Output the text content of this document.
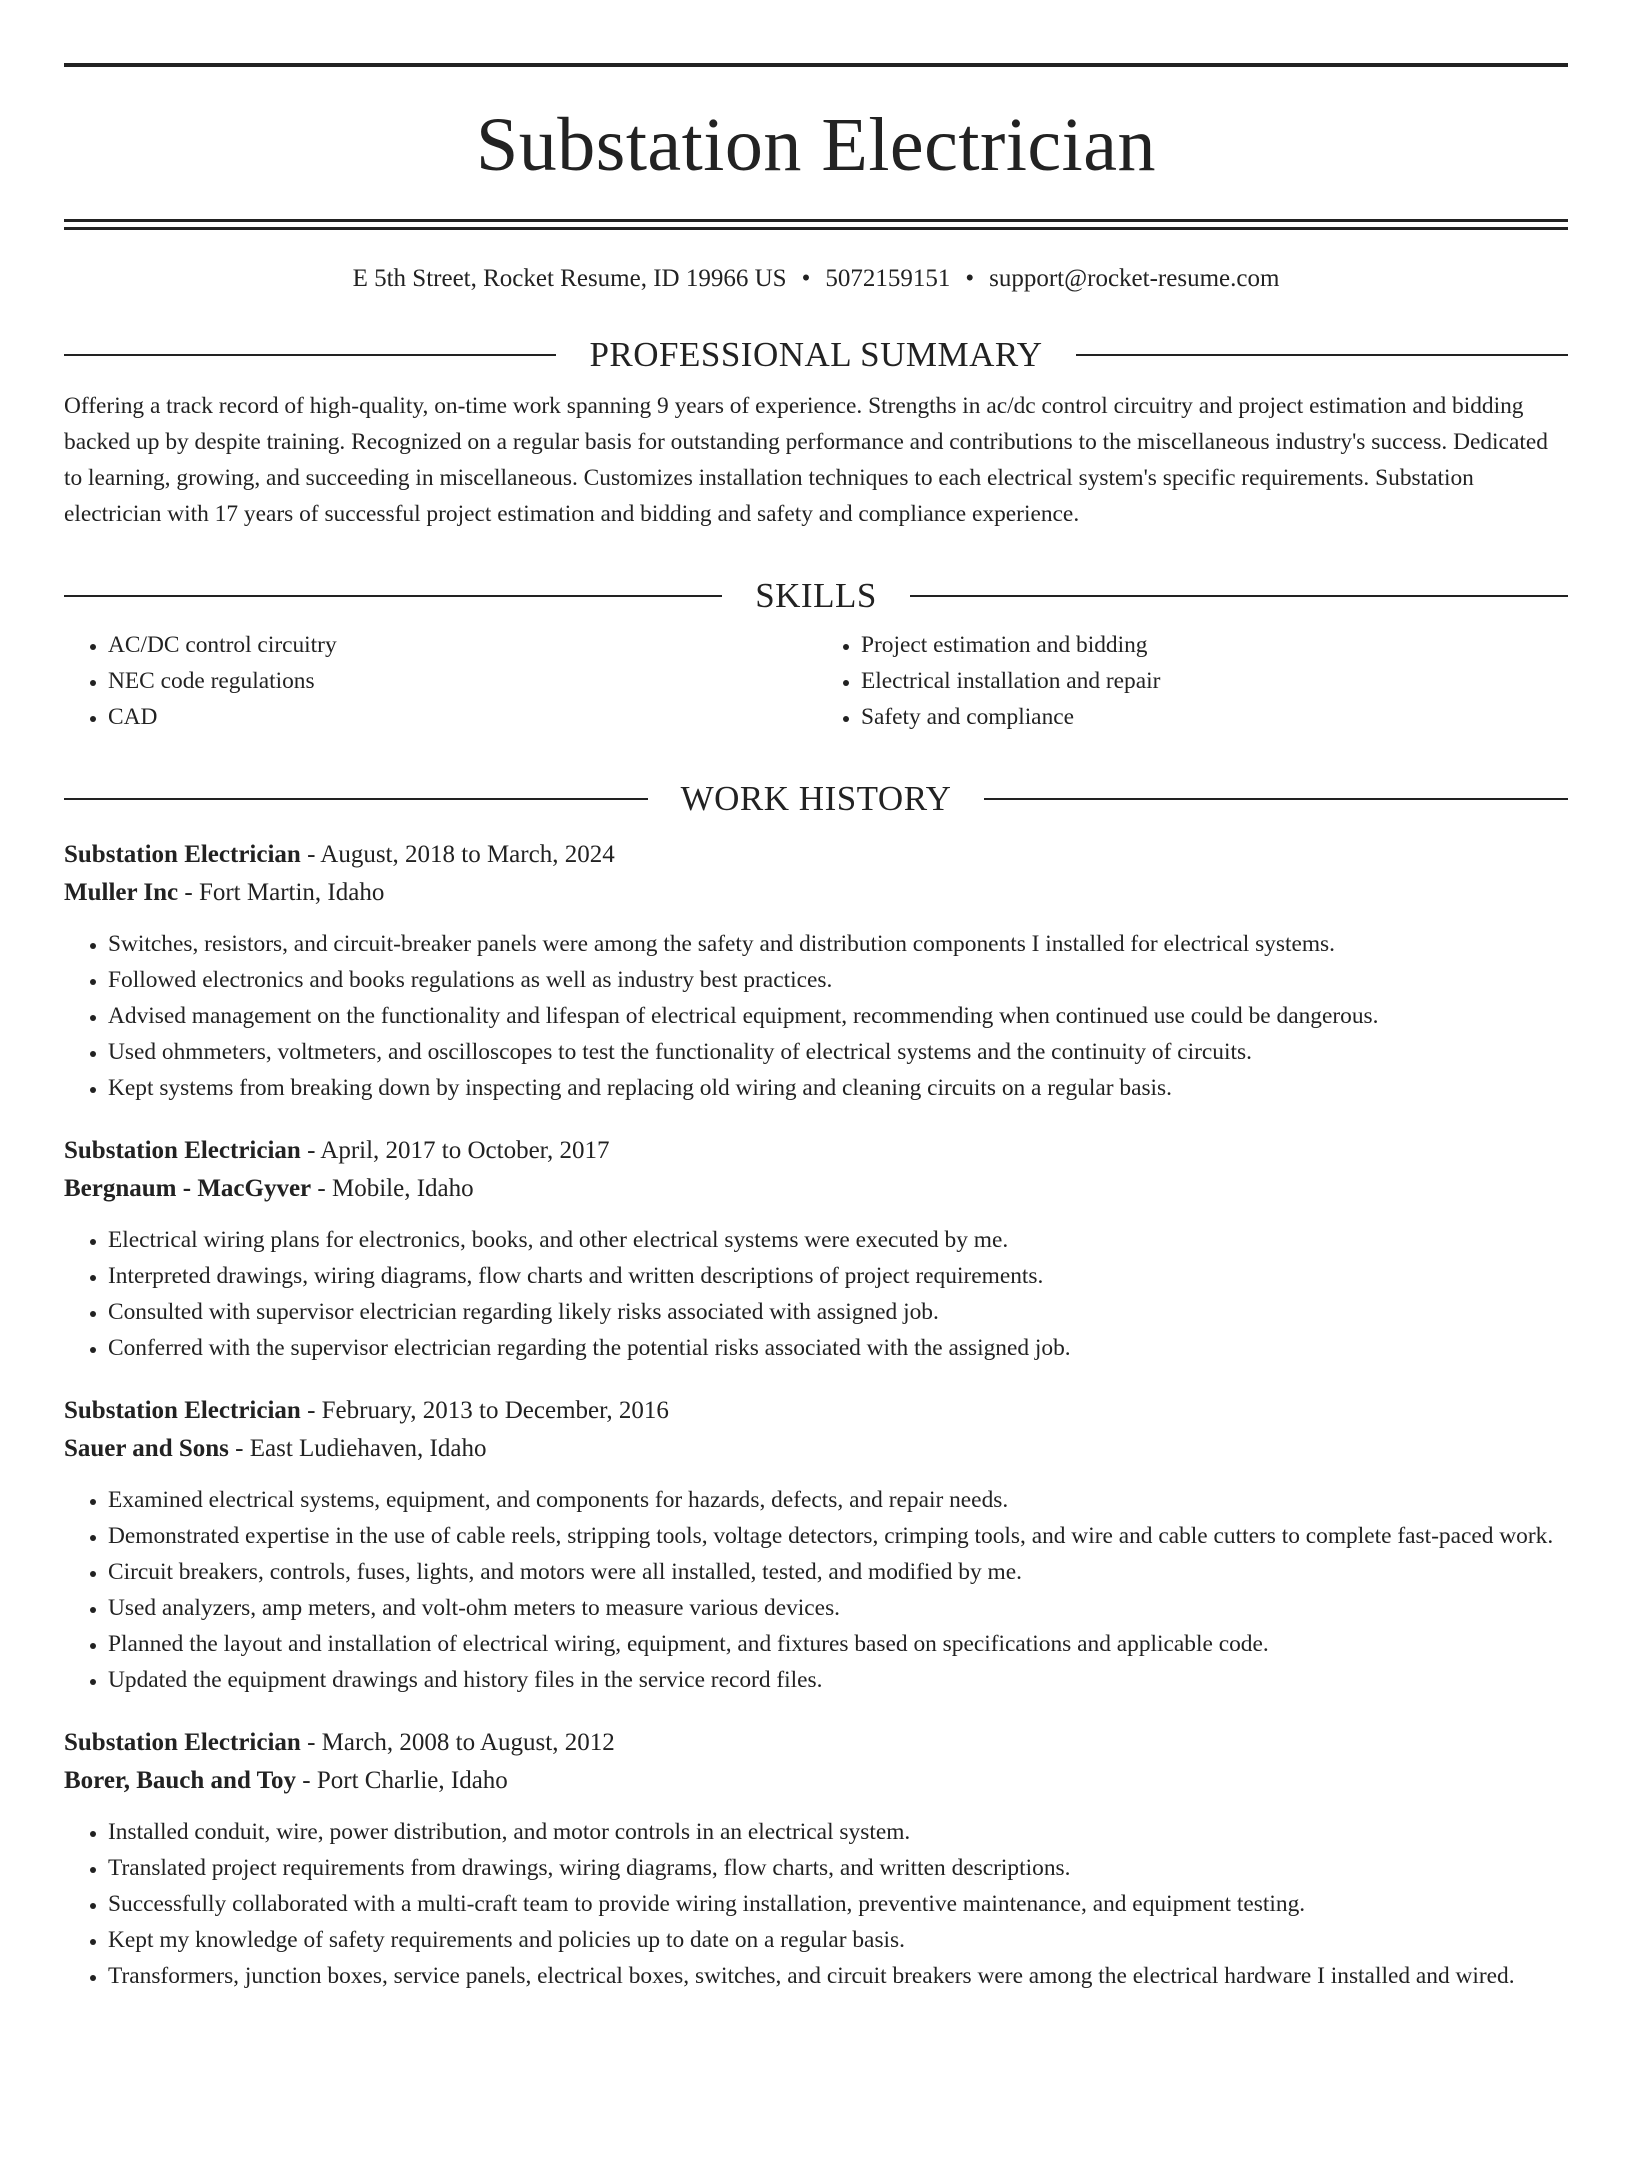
Substation Electrician
E 5th Street, Rocket Resume, ID 19966 US • 5072159151 • support@rocket-resume.com
PROFESSIONAL SUMMARY
Offering a track record of high-quality, on-time work spanning 9 years of experience. Strengths in ac/dc control circuitry and project estimation and bidding backed up by despite training. Recognized on a regular basis for outstanding performance and contributions to the miscellaneous industry's success. Dedicated to learning, growing, and succeeding in miscellaneous. Customizes installation techniques to each electrical system's specific requirements. Substation electrician with 17 years of successful project estimation and bidding and safety and compliance experience.
SKILLS
• AC/DC control circuitry
• NEC code regulations
• CAD
• Project estimation and bidding
• Electrical installation and repair
• Safety and compliance
WORK HISTORY
Substation Electrician - August, 2018 to March, 2024
Muller Inc - Fort Martin, Idaho
• Switches, resistors, and circuit-breaker panels were among the safety and distribution components I installed for electrical systems.
• Followed electronics and books regulations as well as industry best practices.
• Advised management on the functionality and lifespan of electrical equipment, recommending when continued use could be dangerous.
• Used ohmmeters, voltmeters, and oscilloscopes to test the functionality of electrical systems and the continuity of circuits.
• Kept systems from breaking down by inspecting and replacing old wiring and cleaning circuits on a regular basis.
Substation Electrician - April, 2017 to October, 2017
Bergnaum - MacGyver - Mobile, Idaho
• Electrical wiring plans for electronics, books, and other electrical systems were executed by me.
• Interpreted drawings, wiring diagrams, flow charts and written descriptions of project requirements.
• Consulted with supervisor electrician regarding likely risks associated with assigned job.
• Conferred with the supervisor electrician regarding the potential risks associated with the assigned job.
Substation Electrician - February, 2013 to December, 2016
Sauer and Sons - East Ludiehaven, Idaho
• Examined electrical systems, equipment, and components for hazards, defects, and repair needs.
• Demonstrated expertise in the use of cable reels, stripping tools, voltage detectors, crimping tools, and wire and cable cutters to complete fast-paced work.
• Circuit breakers, controls, fuses, lights, and motors were all installed, tested, and modified by me.
• Used analyzers, amp meters, and volt-ohm meters to measure various devices.
• Planned the layout and installation of electrical wiring, equipment, and fixtures based on specifications and applicable code.
• Updated the equipment drawings and history files in the service record files.
Substation Electrician - March, 2008 to August, 2012
Borer, Bauch and Toy - Port Charlie, Idaho
• Installed conduit, wire, power distribution, and motor controls in an electrical system.
• Translated project requirements from drawings, wiring diagrams, flow charts, and written descriptions.
• Successfully collaborated with a multi-craft team to provide wiring installation, preventive maintenance, and equipment testing.
• Kept my knowledge of safety requirements and policies up to date on a regular basis.
• Transformers, junction boxes, service panels, electrical boxes, switches, and circuit breakers were among the electrical hardware I installed and wired.
